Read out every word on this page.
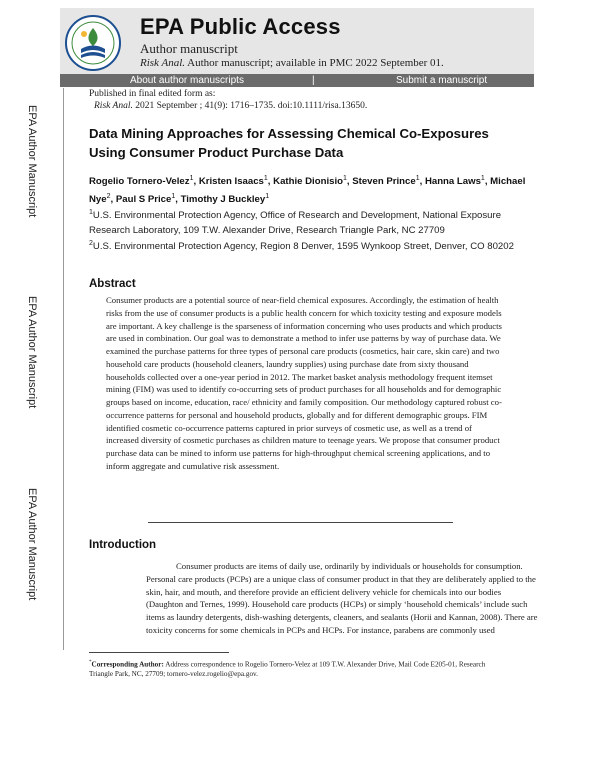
EPA Public Access
Author manuscript
Risk Anal. Author manuscript; available in PMC 2022 September 01.
About author manuscripts	|	Submit a manuscript
Published in final edited form as:
Risk Anal. 2021 September ; 41(9): 1716–1735. doi:10.1111/risa.13650.
EPA Author Manuscript
EPA Author Manuscript
EPA Author Manuscript
Data Mining Approaches for Assessing Chemical Co-Exposures Using Consumer Product Purchase Data
Rogelio Tornero-Velez$^1$, Kristen Isaacs$^1$, Kathie Dionisio$^1$, Steven Prince$^1$, Hanna Laws$^1$, Michael Nye$^2$, Paul S Price$^1$, Timothy J Buckley$^1$
$^1$U.S. Environmental Protection Agency, Office of Research and Development, National Exposure Research Laboratory, 109 T.W. Alexander Drive, Research Triangle Park, NC 27709
$^2$U.S. Environmental Protection Agency, Region 8 Denver, 1595 Wynkoop Street, Denver, CO 80202
Abstract
Consumer products are a potential source of near-field chemical exposures. Accordingly, the estimation of health risks from the use of consumer products is a public health concern for which toxicity testing and exposure models are important. A key challenge is the sparseness of information concerning who uses products and which products are used in combination. Our goal was to demonstrate a method to infer use patterns by way of purchase data. We examined the purchase patterns for three types of personal care products (cosmetics, hair care, skin care) and two household care products (household cleaners, laundry supplies) using purchase date from sixty thousand households collected over a one-year period in 2012. The market basket analysis methodology frequent itemset mining (FIM) was used to identify co-occurring sets of product purchases for all households and for demographic groups based on income, education, race/ ethnicity and family composition. Our methodology captured robust co-occurrence patterns for personal and household products, globally and for different demographic groups. FIM identified cosmetic co-occurrence patterns captured in prior surveys of cosmetic use, as well as a trend of increased diversity of cosmetic purchases as children mature to teenage years. We propose that consumer product purchase data can be mined to inform use patterns for high-throughput chemical screening applications, and to inform aggregate and cumulative risk assessment.
Introduction

Consumer products are items of daily use, ordinarily by individuals or households for consumption. Personal care products (PCPs) are a unique class of consumer product in that they are deliberately applied to the skin, hair, and mouth, and therefore provide an efficient delivery vehicle for chemicals into our bodies (Daughton and Ternes, 1999). Household care products (HCPs) or simply ‘household chemicals’ include such items as laundry detergents, dish-washing detergents, cleaners, and sealants (Horii and Kannan, 2008). There are toxicity concerns for some chemicals in PCPs and HCPs. For instance, parabens are commonly used

*Corresponding Author: Address correspondence to Rogelio Tornero-Velez at 109 T.W. Alexander Drive, Mail Code E205-01, Research Triangle Park, NC, 27709; tornero-velez.rogelio@epa.gov.
